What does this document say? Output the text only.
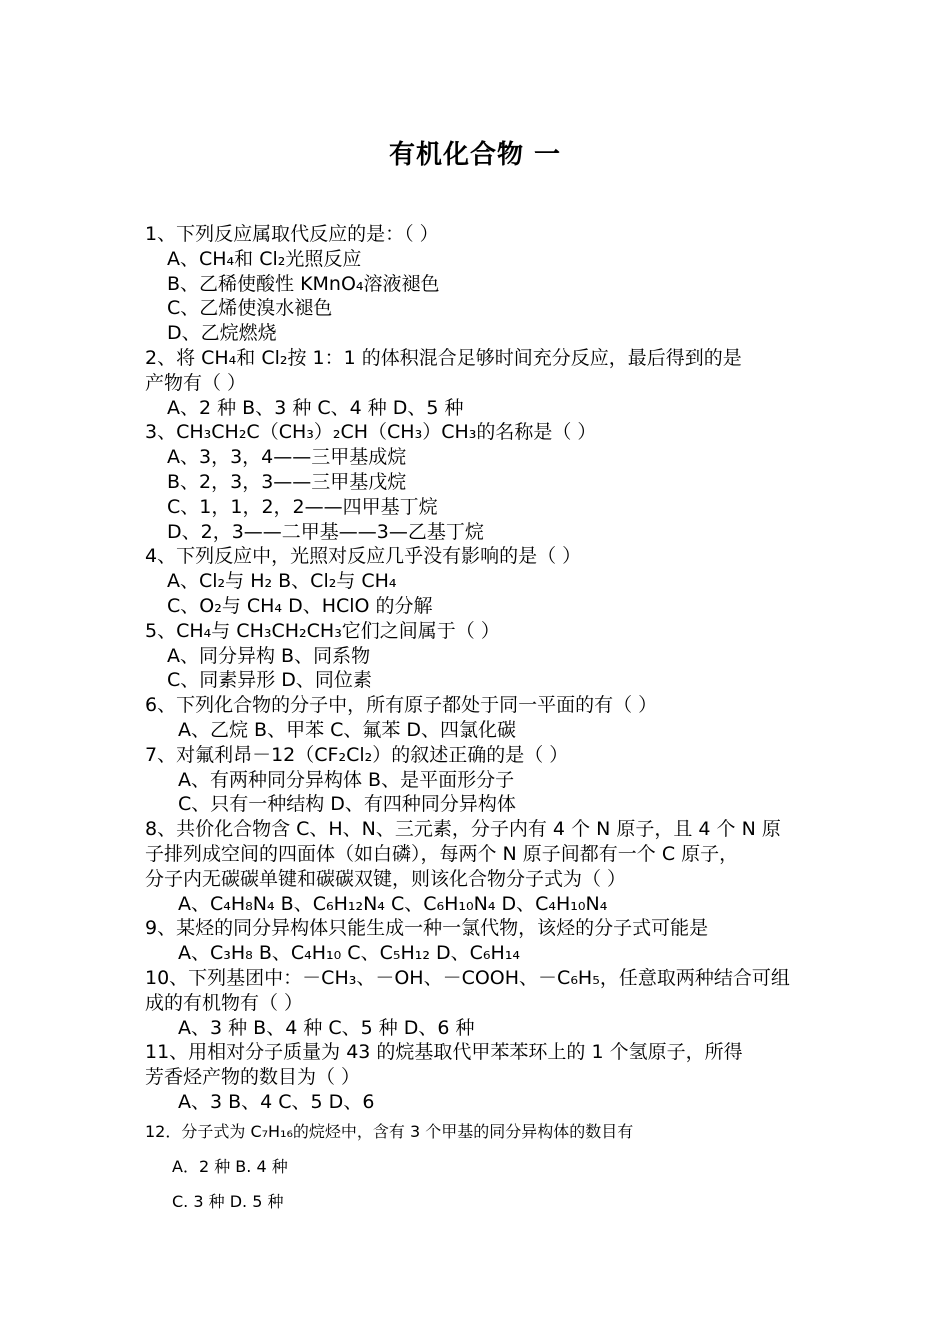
有机化合物 一
1、下列反应属取代反应的是：（ ）
A、CH₄和 Cl₂光照反应
B、乙稀使酸性 KMnO₄溶液褪色
C、乙烯使溴水褪色
D、乙烷燃烧
2、将 CH₄和 Cl₂按 1：1 的体积混合足够时间充分反应，最后得到的是
产物有（ ）
A、2 种 B、3 种 C、4 种 D、5 种
3、CH₃CH₂C（CH₃）₂CH（CH₃）CH₃的名称是（ ）
A、3，3，4——三甲基成烷
B、2，3，3——三甲基戊烷
C、1，1，2，2——四甲基丁烷
D、2，3——二甲基——3—乙基丁烷
4、下列反应中，光照对反应几乎没有影响的是（ ）
A、Cl₂与 H₂ B、Cl₂与 CH₄
C、O₂与 CH₄ D、HClO 的分解
5、CH₄与 CH₃CH₂CH₃它们之间属于（ ）
A、同分异构 B、同系物
C、同素异形 D、同位素
6、下列化合物的分子中，所有原子都处于同一平面的有（ ）
A、乙烷 B、甲苯 C、氟苯 D、四氯化碳
7、对氟利昂－12（CF₂Cl₂）的叙述正确的是（ ）
A、有两种同分异构体 B、是平面形分子
C、只有一种结构 D、有四种同分异构体
8、共价化合物含 C、H、N、三元素，分子内有 4 个 N 原子，且 4 个 N 原
子排列成空间的四面体（如白磷），每两个 N 原子间都有一个 C 原子，
分子内无碳碳单键和碳碳双键，则该化合物分子式为（ ）
A、C₄H₈N₄ B、C₆H₁₂N₄ C、C₆H₁₀N₄ D、C₄H₁₀N₄
9、某烃的同分异构体只能生成一种一氯代物，该烃的分子式可能是
A、C₃H₈ B、C₄H₁₀ C、C₅H₁₂ D、C₆H₁₄
10、下列基团中：－CH₃、－OH、－COOH、－C₆H₅，任意取两种结合可组
成的有机物有（ ）
A、3 种 B、4 种 C、5 种 D、6 种
11、用相对分子质量为 43 的烷基取代甲苯苯环上的 1 个氢原子，所得
芳香烃产物的数目为（ ）
A、3 B、4 C、5 D、6
12．分子式为 C₇H₁₆的烷烃中，含有 3 个甲基的同分异构体的数目有
A．2 种 B. 4 种
C. 3 种 D. 5 种
